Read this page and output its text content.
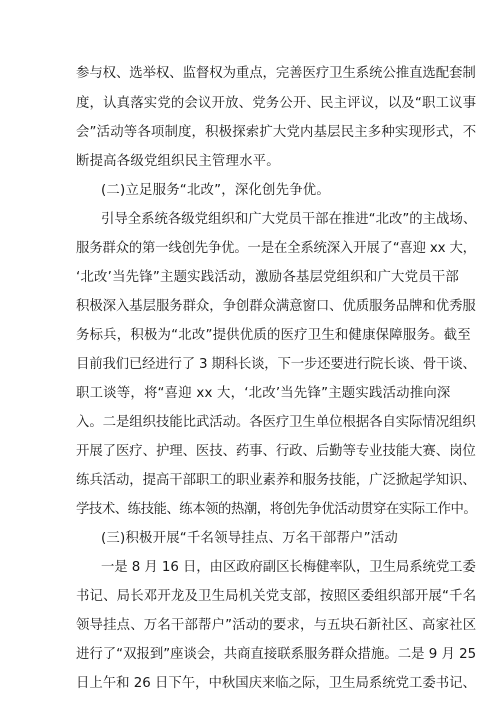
参与权、选举权、监督权为重点，完善医疗卫生系统公推直选配套制
度，认真落实党的会议开放、党务公开、民主评议，以及“职工议事
会”活动等各项制度，积极探索扩大党内基层民主多种实现形式，不
断提高各级党组织民主管理水平。
(二)立足服务“北改”，深化创先争优。
引导全系统各级党组织和广大党员干部在推进“北改”的主战场、
服务群众的第一线创先争优。一是在全系统深入开展了“喜迎 xx 大，
‘北改’当先锋”主题实践活动，激励各基层党组织和广大党员干部
积极深入基层服务群众，争创群众满意窗口、优质服务品牌和优秀服
务标兵，积极为“北改”提供优质的医疗卫生和健康保障服务。截至
目前我们已经进行了 3 期科长谈，下一步还要进行院长谈、骨干谈、
职工谈等，将“喜迎 xx 大，‘北改’当先锋”主题实践活动推向深
入。二是组织技能比武活动。各医疗卫生单位根据各自实际情况组织
开展了医疗、护理、医技、药事、行政、后勤等专业技能大赛、岗位
练兵活动，提高干部职工的职业素养和服务技能，广泛掀起学知识、
学技术、练技能、练本领的热潮，将创先争优活动贯穿在实际工作中。
(三)积极开展“千名领导挂点、万名干部帮户”活动
一是 8 月 16 日，由区政府副区长梅健率队，卫生局系统党工委
书记、局长邓开龙及卫生局机关党支部，按照区委组织部开展“千名
领导挂点、万名干部帮户”活动的要求，与五块石新社区、高家社区
进行了“双报到”座谈会，共商直接联系服务群众措施。二是 9 月 25
日上午和 26 日下午，中秋国庆来临之际，卫生局系统党工委书记、
